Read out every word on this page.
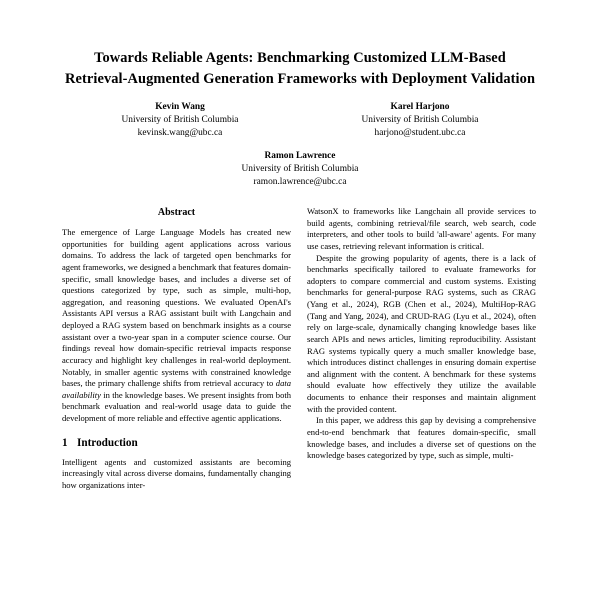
Towards Reliable Agents: Benchmarking Customized LLM-Based
Retrieval-Augmented Generation Frameworks with Deployment Validation
Kevin Wang
University of British Columbia
kevinsk.wang@ubc.ca
Karel Harjono
University of British Columbia
harjono@student.ubc.ca
Ramon Lawrence
University of British Columbia
ramon.lawrence@ubc.ca
Abstract

The emergence of Large Language Models has created new opportunities for building agent applications across various domains. To address the lack of targeted open benchmarks for agent frameworks, we designed a benchmark that features domain-specific, small knowledge bases, and includes a diverse set of questions categorized by type, such as simple, multi-hop, aggregation, and reasoning questions. We evaluated OpenAI's Assistants API versus a RAG assistant built with Langchain and deployed a RAG system based on benchmark insights as a course assistant over a two-year span in a computer science course. Our findings reveal how domain-specific retrieval impacts response accuracy and highlight key challenges in real-world deployment. Notably, in smaller agentic systems with constrained knowledge bases, the primary challenge shifts from retrieval accuracy to data availability in the knowledge bases. We present insights from both benchmark evaluation and real-world usage data to guide the development of more reliable and effective agentic applications.

1 Introduction

Intelligent agents and customized assistants are becoming increasingly vital across diverse domains, fundamentally changing how organizations inter-

WatsonX to frameworks like Langchain all provide services to build agents, combining retrieval/file search, web search, code interpreters, and other tools to build 'all-aware' agents. For many use cases, retrieving relevant information is critical.

Despite the growing popularity of agents, there is a lack of benchmarks specifically tailored to evaluate frameworks for adopters to compare commercial and custom systems. Existing benchmarks for general-purpose RAG systems, such as CRAG (Yang et al., 2024), RGB (Chen et al., 2024), MultiHop-RAG (Tang and Yang, 2024), and CRUD-RAG (Lyu et al., 2024), often rely on large-scale, dynamically changing knowledge bases like search APIs and news articles, limiting reproducibility. Assistant RAG systems typically query a much smaller knowledge base, which introduces distinct challenges in ensuring domain expertise and alignment with the content. A benchmark for these systems should evaluate how effectively they utilize the available documents to enhance their responses and maintain alignment with the provided content.

In this paper, we address this gap by devising a comprehensive end-to-end benchmark that features domain-specific, small knowledge bases, and includes a diverse set of questions on the knowledge bases categorized by type, such as simple, multi-
